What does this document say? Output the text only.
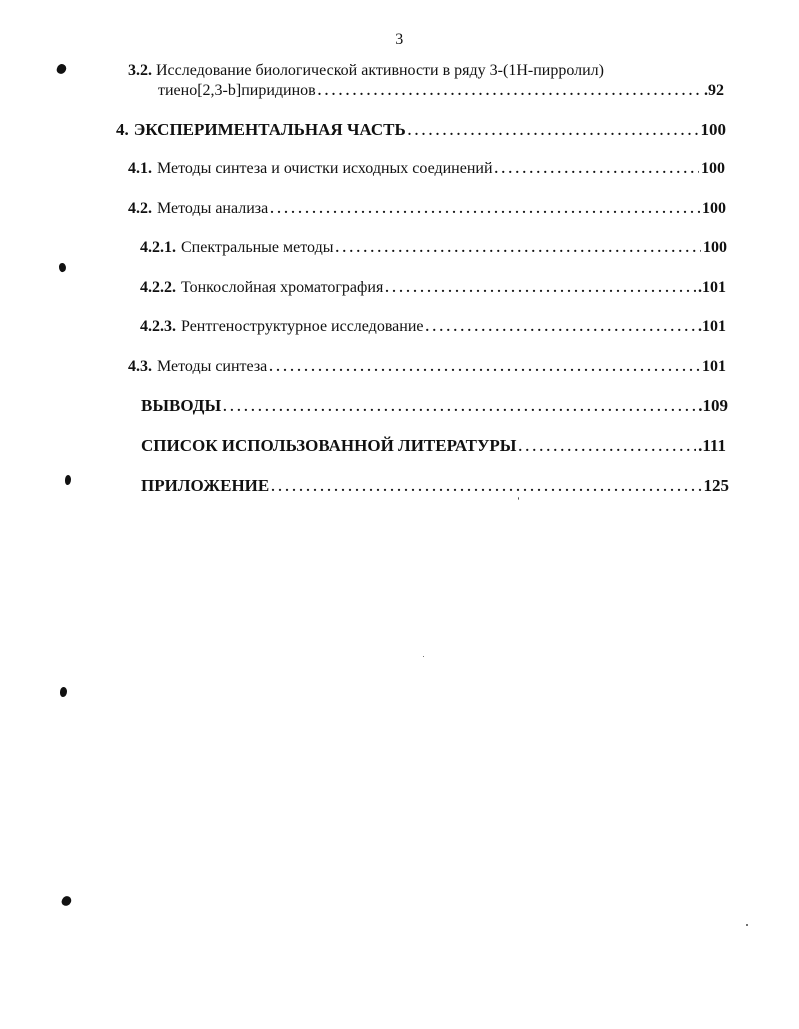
3
3.2. Исследование биологической активности в ряду 3-(1H-пирролил)
тиено[2,3-b]пиридинов . . .	.92
4. ЭКСПЕРИМЕНТАЛЬНАЯ ЧАСТЬ . . .	100
4.1. Методы синтеза и очистки исходных соединений . . .	100
4.2. Методы анализа . . .	100
4.2.1. Спектральные методы . . .	100
4.2.2. Тонкослойная хроматография . . .	.101
4.2.3. Рентгеноструктурное исследование . . .	.101
4.3. Методы синтеза . . .	101
ВЫВОДЫ . . .	.109
СПИСОК ИСПОЛЬЗОВАННОЙ ЛИТЕРАТУРЫ . . .	.111
ПРИЛОЖЕНИЕ . . .	125
